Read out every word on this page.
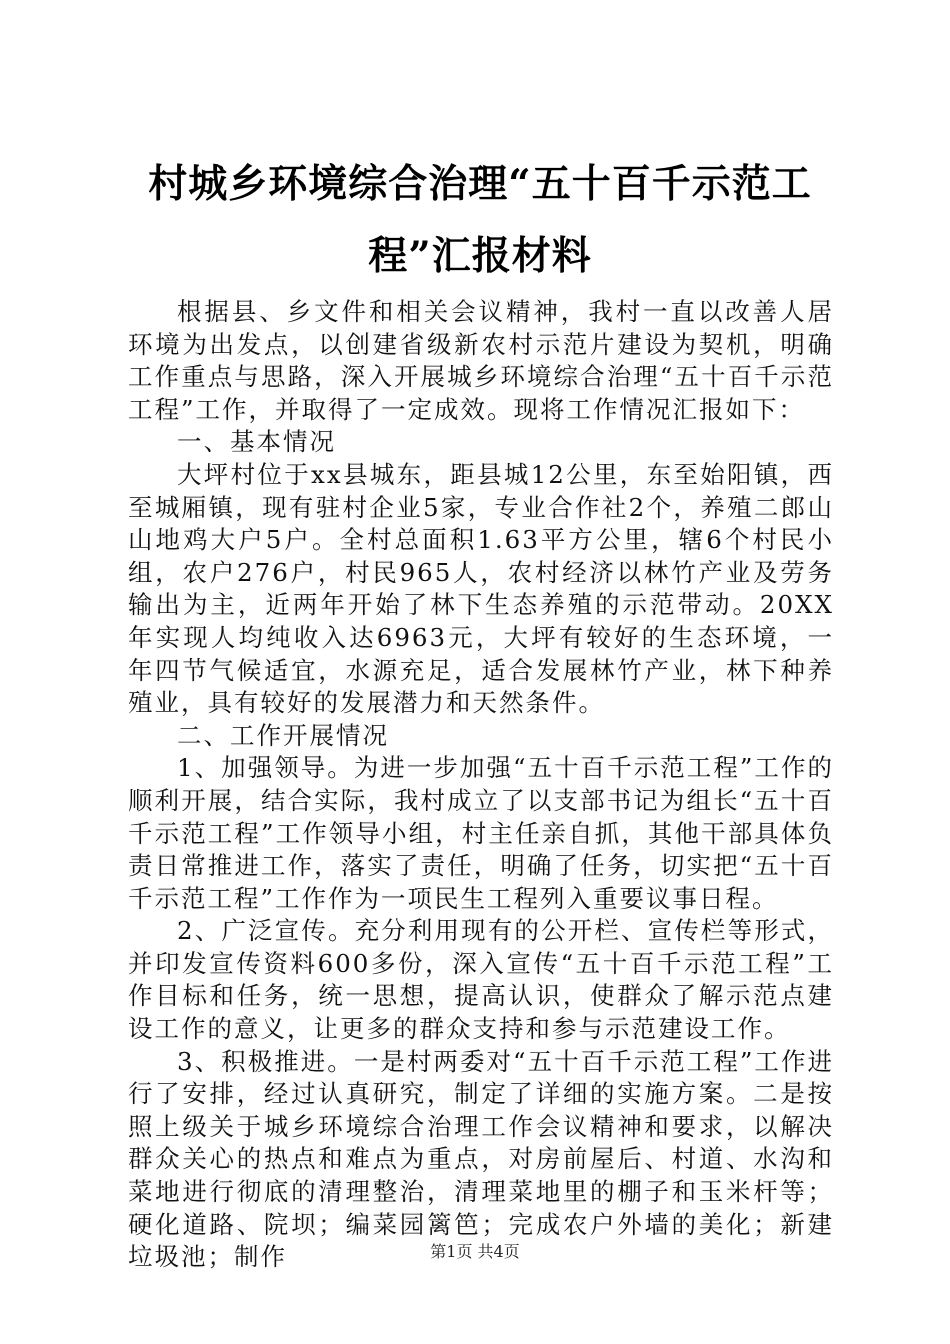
村城乡环境综合治理“五十百千示范工程”汇报材料

根据县、乡文件和相关会议精神，我村一直以改善人居环境为出发点，以创建省级新农村示范片建设为契机，明确工作重点与思路，深入开展城乡环境综合治理“五十百千示范工程”工作，并取得了一定成效。现将工作情况汇报如下：

一、基本情况

大坪村位于xx县城东，距县城12公里，东至始阳镇，西至城厢镇，现有驻村企业5家，专业合作社2个，养殖二郎山山地鸡大户5户。全村总面积1.63平方公里，辖6个村民小组，农户276户，村民965人，农村经济以林竹产业及劳务输出为主，近两年开始了林下生态养殖的示范带动。20XX年实现人均纯收入达6963元，大坪有较好的生态环境，一年四节气候适宜，水源充足，适合发展林竹产业，林下种养殖业，具有较好的发展潜力和天然条件。

二、工作开展情况

1、加强领导。为进一步加强“五十百千示范工程”工作的顺利开展，结合实际，我村成立了以支部书记为组长“五十百千示范工程”工作领导小组，村主任亲自抓，其他干部具体负责日常推进工作，落实了责任，明确了任务，切实把“五十百千示范工程”工作作为一项民生工程列入重要议事日程。

2、广泛宣传。充分利用现有的公开栏、宣传栏等形式，并印发宣传资料600多份，深入宣传“五十百千示范工程”工作目标和任务，统一思想，提高认识，使群众了解示范点建设工作的意义，让更多的群众支持和参与示范建设工作。

3、积极推进。一是村两委对“五十百千示范工程”工作进行了安排，经过认真研究，制定了详细的实施方案。二是按照上级关于城乡环境综合治理工作会议精神和要求，以解决群众关心的热点和难点为重点，对房前屋后、村道、水沟和菜地进行彻底的清理整治，清理菜地里的棚子和玉米杆等；硬化道路、院坝；编菜园篱笆；完成农户外墙的美化；新建垃圾池；制作	第1页 共4页
